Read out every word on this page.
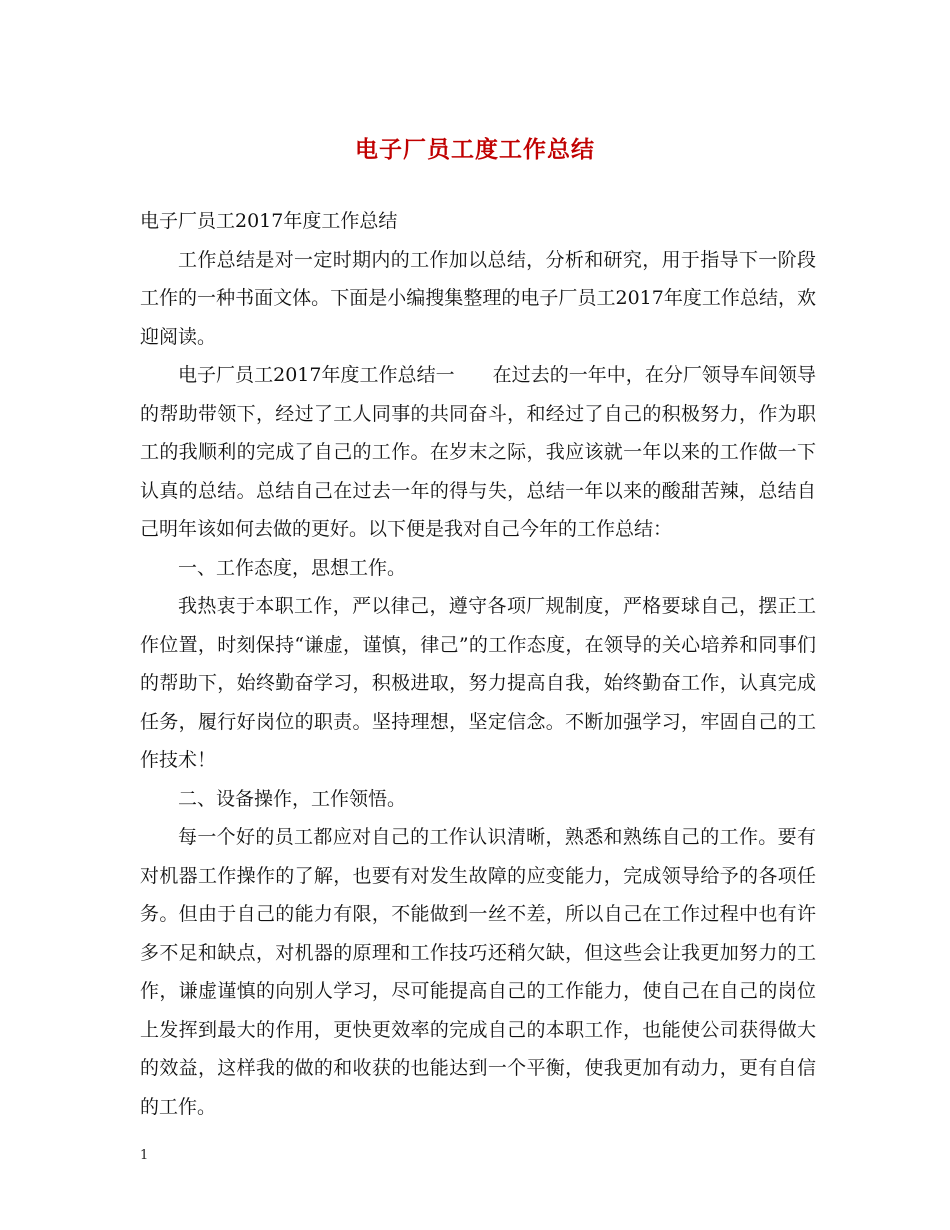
电子厂员工度工作总结

电子厂员工2017年度工作总结

工作总结是对一定时期内的工作加以总结，分析和研究，用于指导下一阶段工作的一种书面文体。下面是小编搜集整理的电子厂员工2017年度工作总结，欢迎阅读。

电子厂员工2017年度工作总结一　　在过去的一年中，在分厂领导车间领导的帮助带领下，经过了工人同事的共同奋斗，和经过了自己的积极努力，作为职工的我顺利的完成了自己的工作。在岁末之际，我应该就一年以来的工作做一下认真的总结。总结自己在过去一年的得与失，总结一年以来的酸甜苦辣，总结自己明年该如何去做的更好。以下便是我对自己今年的工作总结：

一、工作态度，思想工作。

我热衷于本职工作，严以律己，遵守各项厂规制度，严格要球自己，摆正工作位置，时刻保持“谦虚，谨慎，律己”的工作态度，在领导的关心培养和同事们的帮助下，始终勤奋学习，积极进取，努力提高自我，始终勤奋工作，认真完成任务，履行好岗位的职责。坚持理想，坚定信念。不断加强学习，牢固自己的工作技术！

二、设备操作，工作领悟。

每一个好的员工都应对自己的工作认识清晰，熟悉和熟练自己的工作。要有对机器工作操作的了解，也要有对发生故障的应变能力，完成领导给予的各项任务。但由于自己的能力有限，不能做到一丝不差，所以自己在工作过程中也有许多不足和缺点，对机器的原理和工作技巧还稍欠缺，但这些会让我更加努力的工作，谦虚谨慎的向别人学习，尽可能提高自己的工作能力，使自己在自己的岗位上发挥到最大的作用，更快更效率的完成自己的本职工作，也能使公司获得做大的效益，这样我的做的和收获的也能达到一个平衡，使我更加有动力，更有自信的工作。

1
